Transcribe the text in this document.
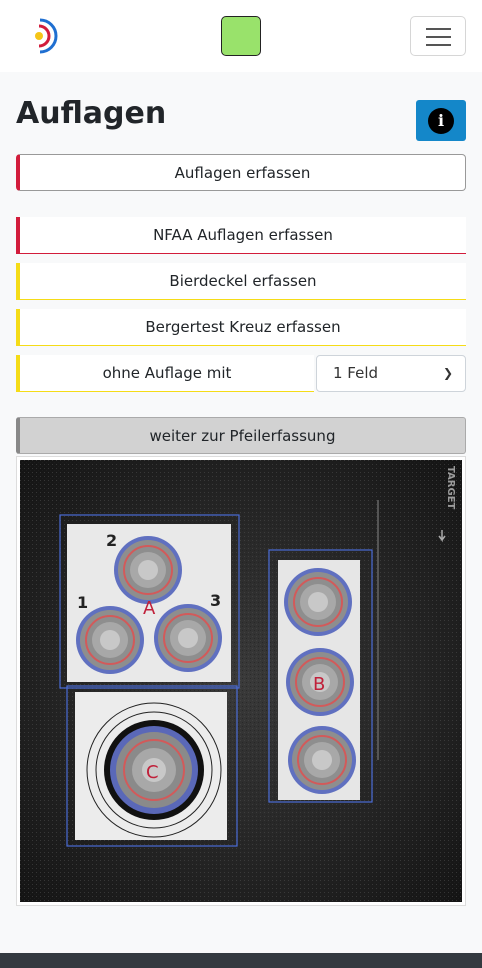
Auflagen	i
Auflagen erfassen
NFAA Auflagen erfassen
Bierdeckel erfassen
Bergertest Kreuz erfassen
ohne Auflage mit	1 Feld	❯
weiter zur Pfeilerfassung
TARGET
2
1	3
A
C
B
